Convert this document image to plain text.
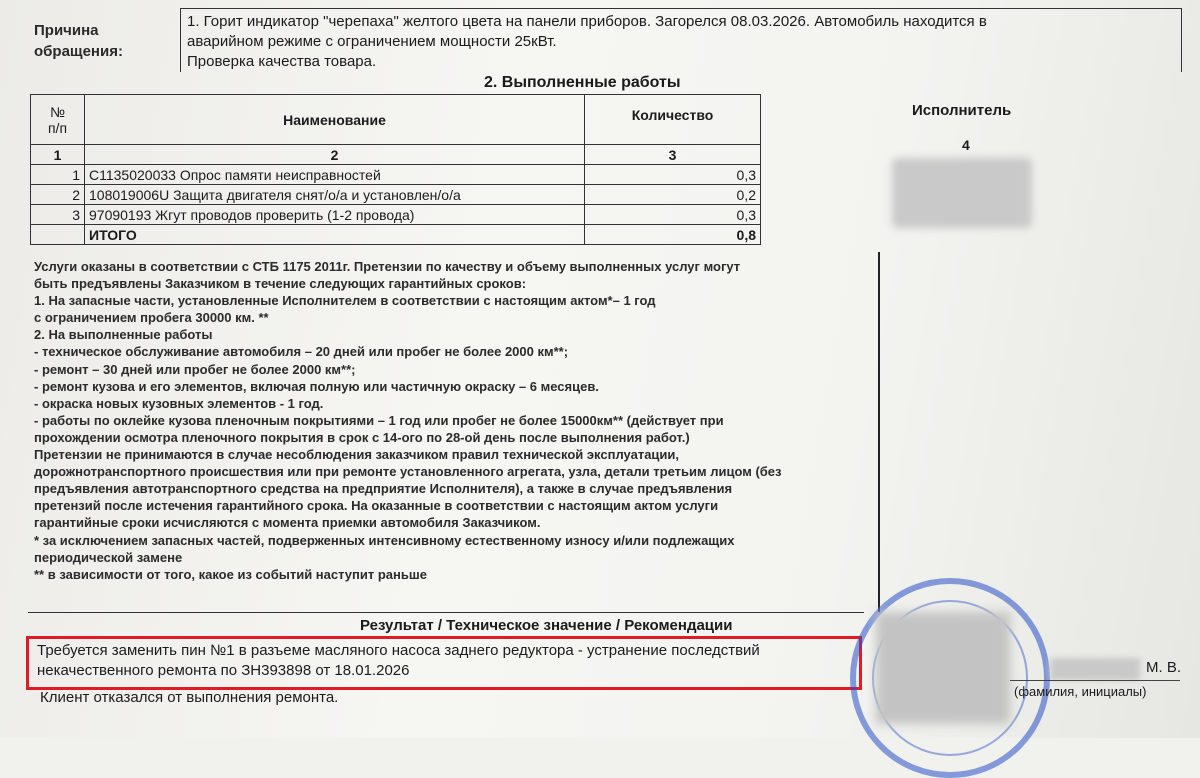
Причина
обращения:
1. Горит индикатор "черепаха" желтого цвета на панели приборов. Загорелся 08.03.2026. Автомобиль находится в
аварийном режиме с ограничением мощности 25кВт.
Проверка качества товара.
2. Выполненные работы
№
п/п	Наименование	Количество
1	2	3
1	C1135020033 Опрос памяти неисправностей	0,3
2	108019006U Защита двигателя снят/о/а и установлен/о/а	0,2
3	97090193 Жгут проводов проверить (1-2 провода)	0,3
	ИТОГО	0,8
Исполнитель
4
Услуги оказаны в соответствии с СТБ 1175 2011г. Претензии по качеству и объему выполненных услуг могут
быть предъявлены Заказчиком в течение следующих гарантийных сроков:
1. На запасные части, установленные Исполнителем в соответствии с настоящим актом*– 1 год
с ограничением пробега 30000 км. **
2. На выполненные работы
- техническое обслуживание автомобиля – 20 дней или пробег не более 2000 км**;
- ремонт – 30 дней или пробег не более 2000 км**;
- ремонт кузова и его элементов, включая полную или частичную окраску – 6 месяцев.
- окраска новых кузовных элементов - 1 год.
- работы по оклейке кузова пленочным покрытиями – 1 год или пробег не более 15000км** (действует при
прохождении осмотра пленочного покрытия в срок с 14-ого по 28-ой день после выполнения работ.)
Претензии не принимаются в случае несоблюдения заказчиком правил технической эксплуатации,
дорожнотранспортного происшествия или при ремонте установленного агрегата, узла, детали третьим лицом (без
предъявления автотранспортного средства на предприятие Исполнителя), а также в случае предъявления
претензий после истечения гарантийного срока. На оказанные в соответствии с настоящим актом услуги
гарантийные сроки исчисляются с момента приемки автомобиля Заказчиком.
* за исключением запасных частей, подверженных интенсивному естественному износу и/или подлежащих
периодической замене
** в зависимости от того, какое из событий наступит раньше
Результат / Техническое значение / Рекомендации
Требуется заменить пин №1 в разъеме масляного насоса заднего редуктора - устранение последствий
некачественного ремонта по ЗН393898 от 18.01.2026
Клиент отказался от выполнения ремонта.
М. В.
(фамилия, инициалы)
